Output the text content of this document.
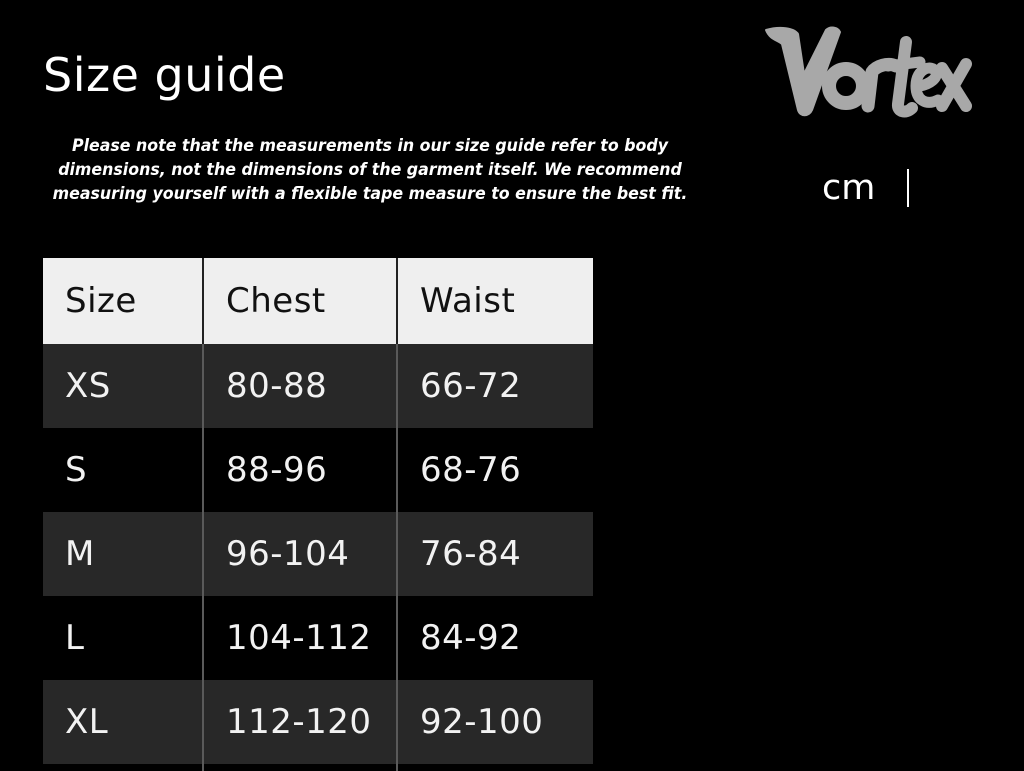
Size guide
Please note that the measurements in our size guide refer to body dimensions, not the dimensions of the garment itself. We recommend measuring yourself with a flexible tape measure to ensure the best fit.	cm
Size	Chest	Waist
XS	80-88	66-72
S	88-96	68-76
M	96-104	76-84
L	104-112	84-92
XL	112-120	92-100
